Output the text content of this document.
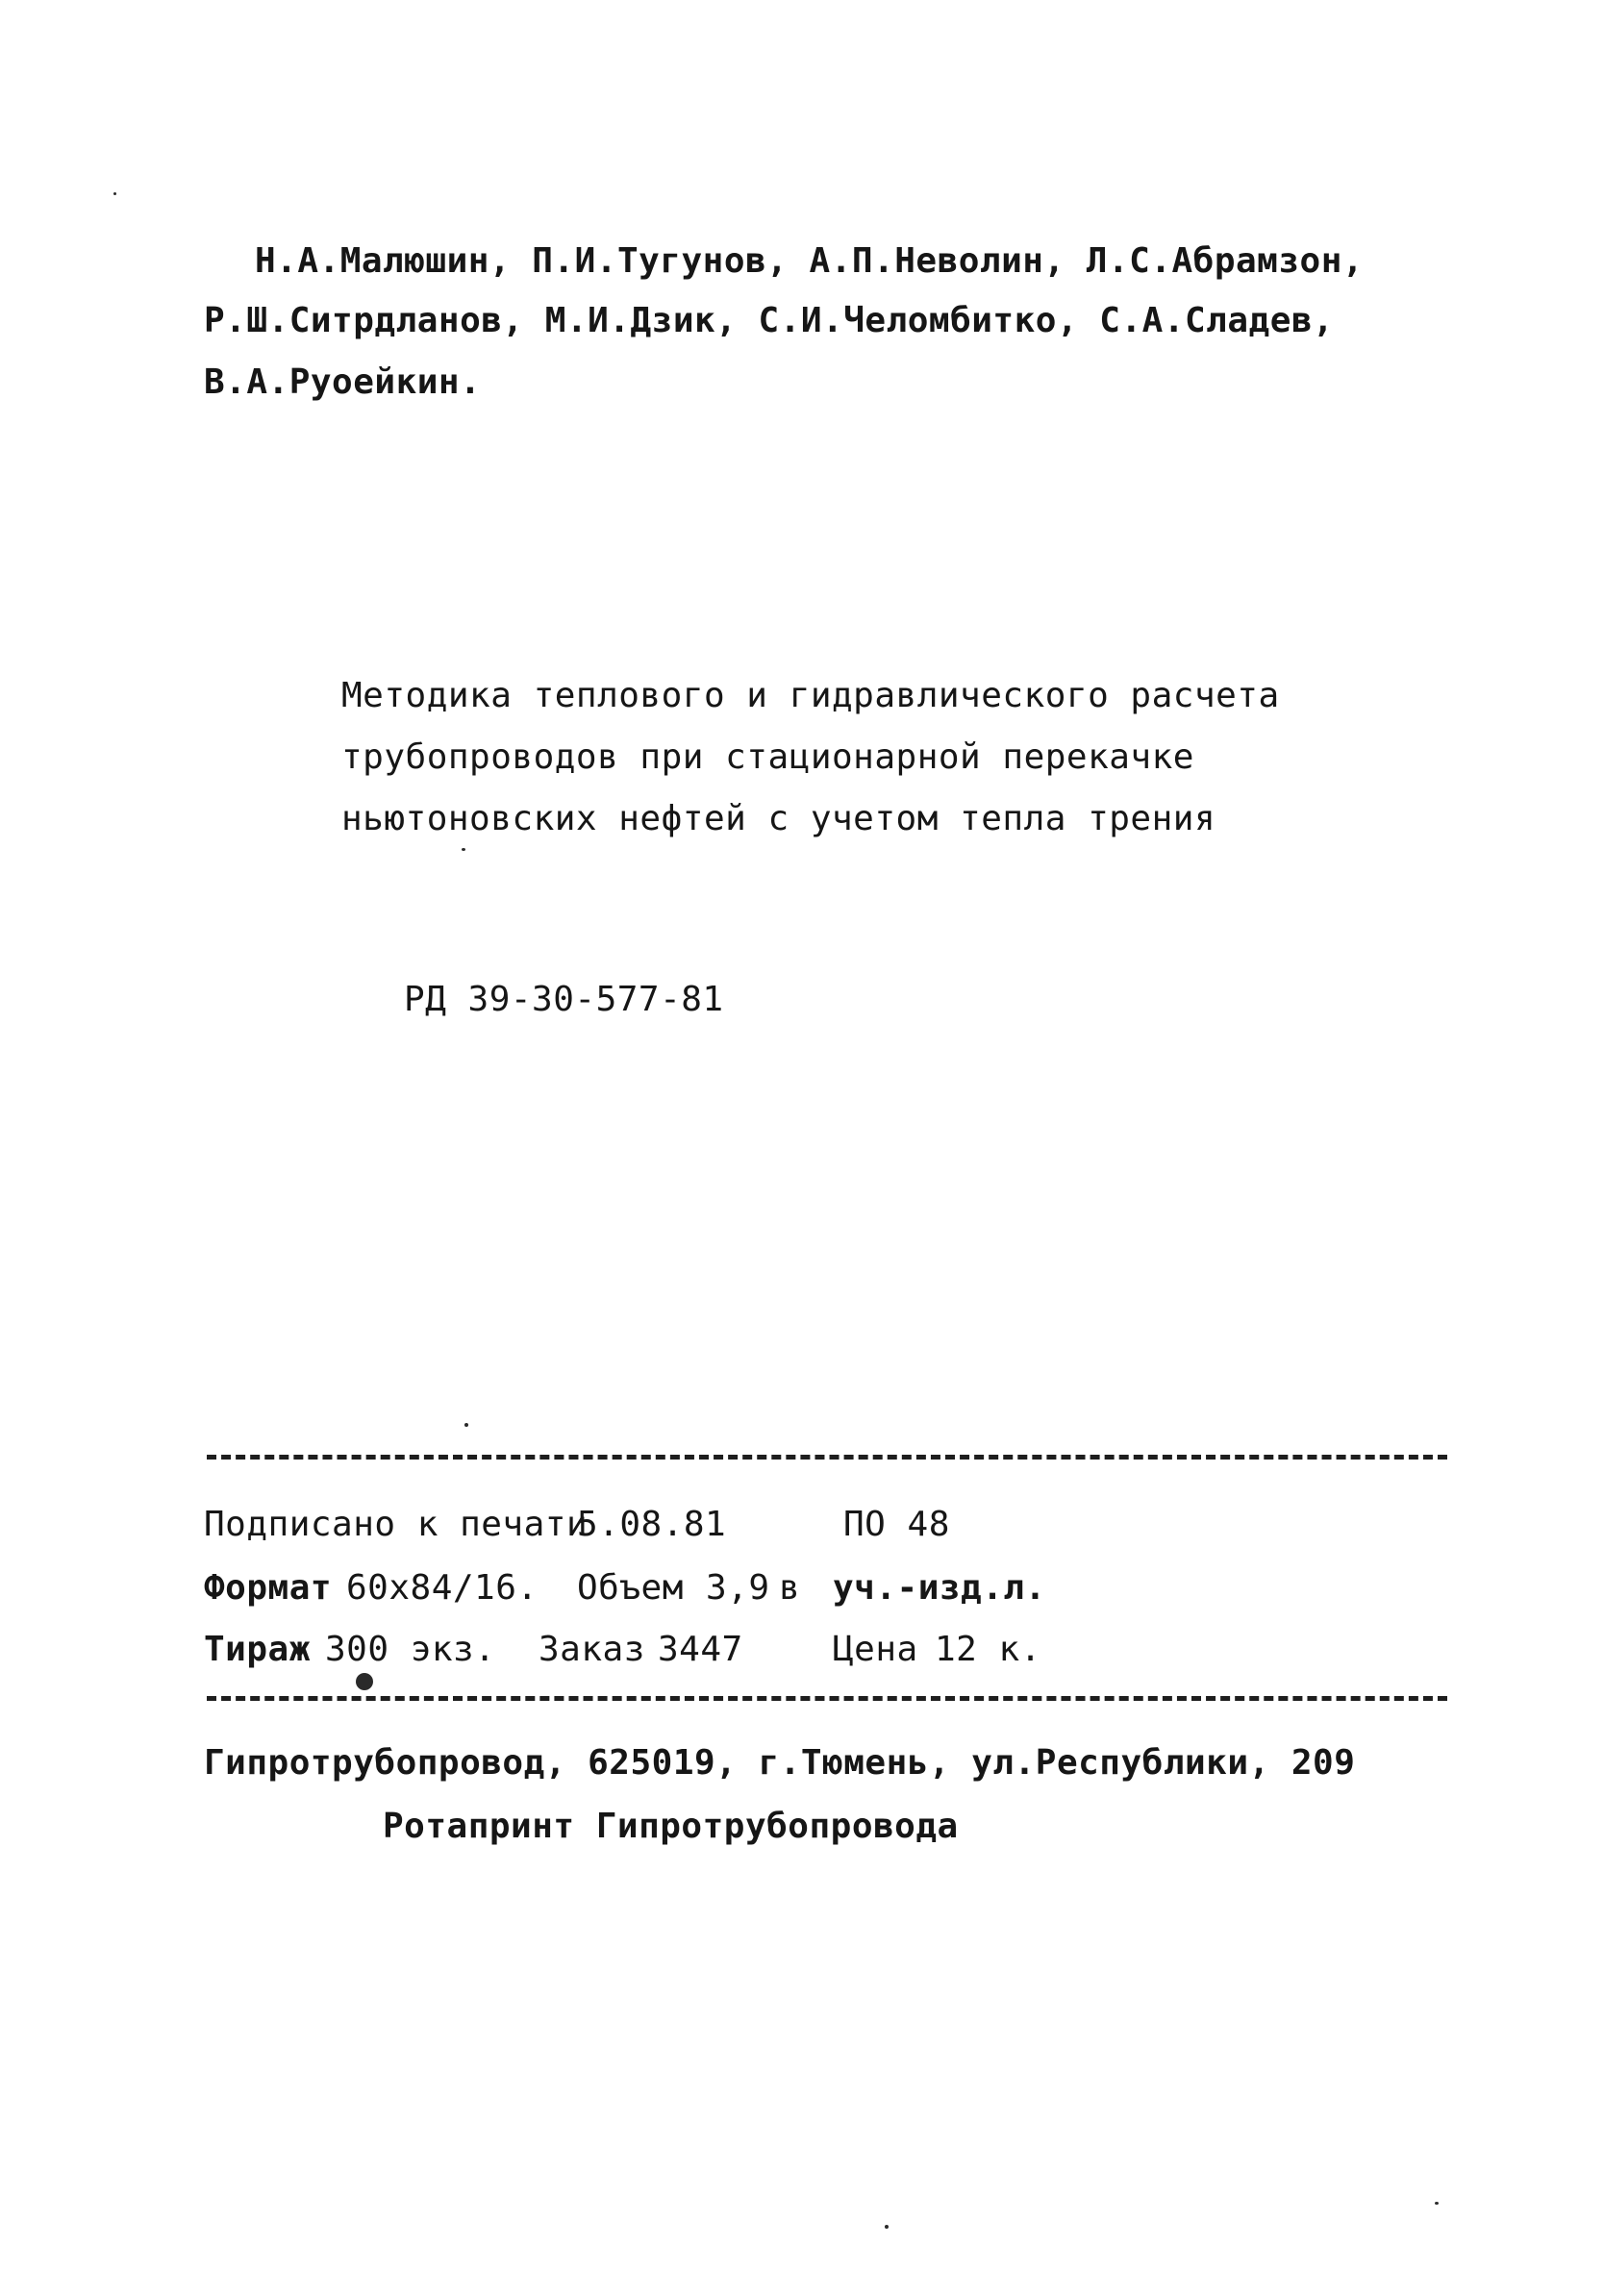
Н.А.Малюшин, П.И.Тугунов, А.П.Неволин, Л.С.Абрамзон,
Р.Ш.Ситрдланов, М.И.Дзик, С.И.Челомбитко, С.А.Сладев,
В.А.Руоейкин.
Методика теплового и гидравлического расчета
трубопроводов при стационарной перекачке
ньютоновских нефтей с учетом тепла трения
РД 39-30-577-81
Подписано к печати
5.08.81	ПО 48
Формат 60x84/16. Объем 3,9 в уч.-изд.л.
Тираж 300 экз. Заказ 3447	Цена 12 к.
Гипротрубопровод, 625019, г.Тюмень, ул.Республики, 209
Ротапринт Гипротрубопровода
